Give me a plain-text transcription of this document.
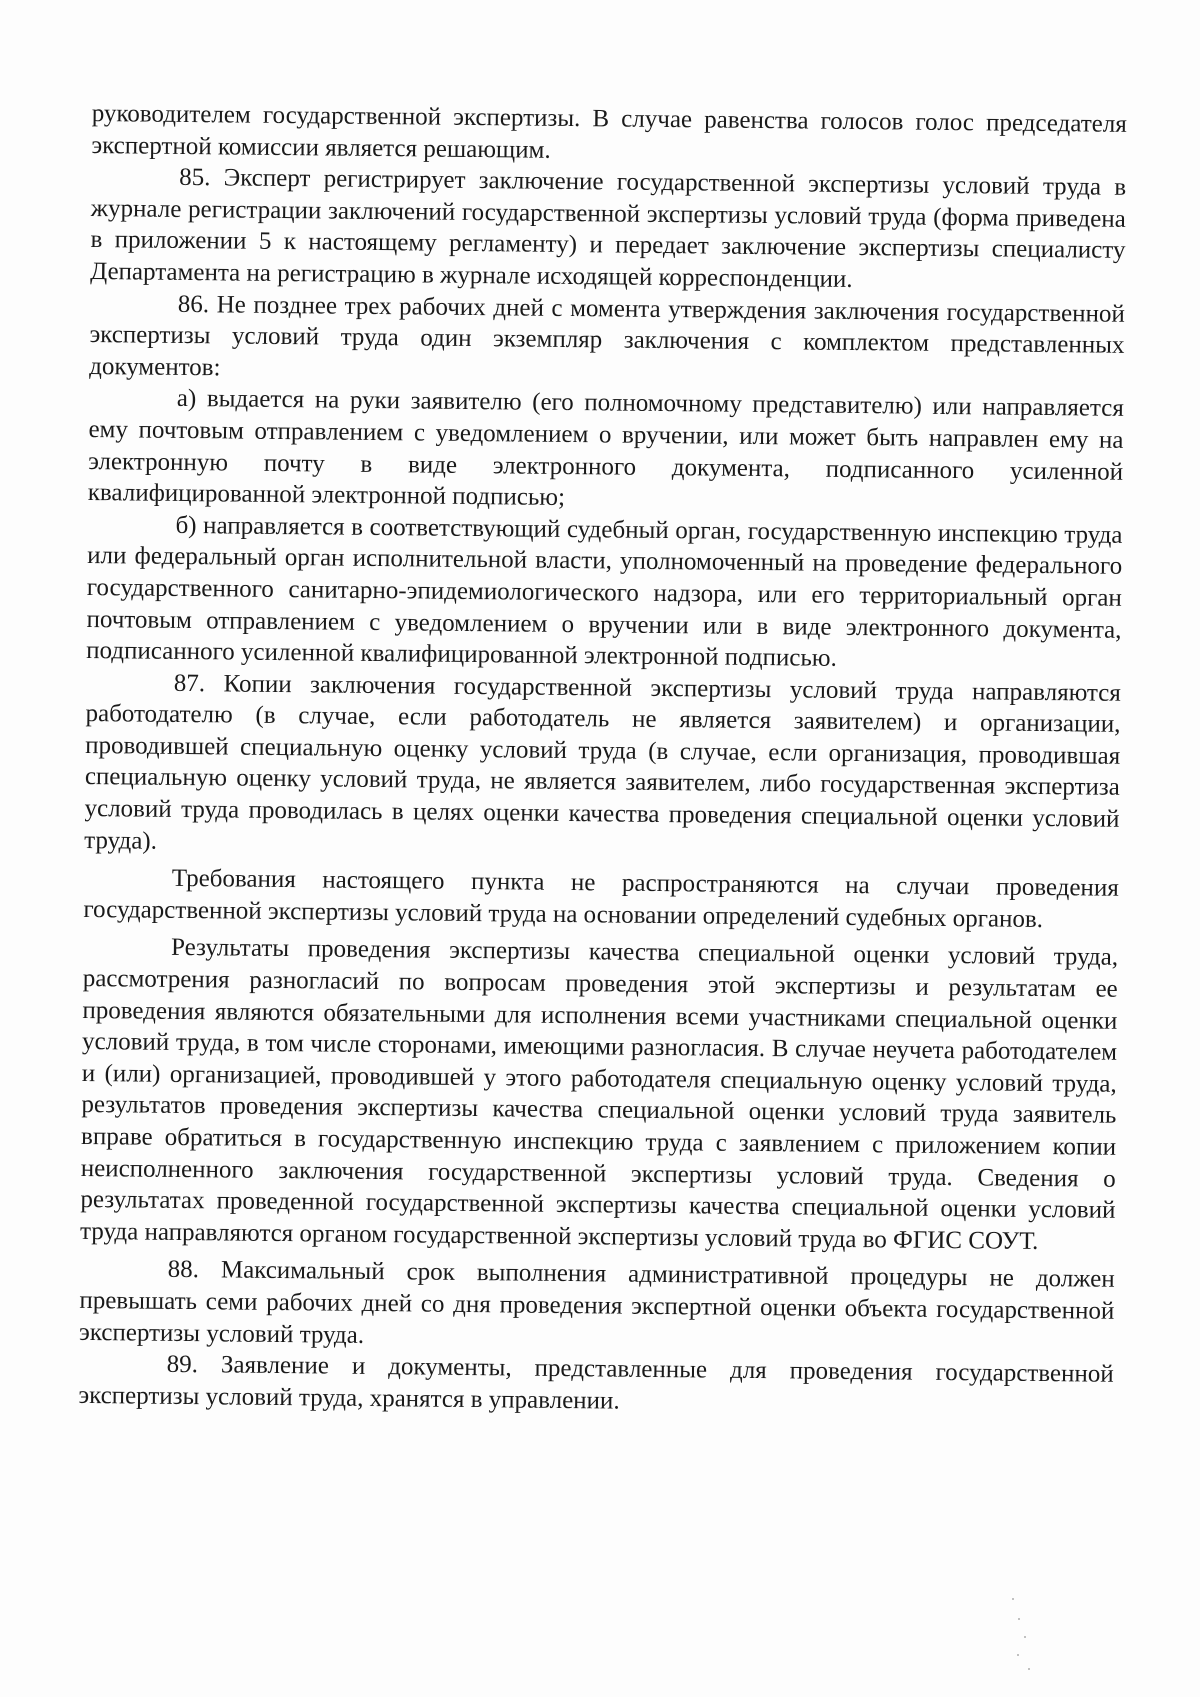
руководителем государственной экспертизы. В случае равенства голосов голос председателя экспертной комиссии является решающим.

85. Эксперт регистрирует заключение государственной экспертизы условий труда в журнале регистрации заключений государственной экспертизы условий труда (форма приведена в приложении 5 к настоящему регламенту) и передает заключение экспертизы специалисту Департамента на регистрацию в журнале исходящей корреспонденции.

86. Не позднее трех рабочих дней с момента утверждения заключения государственной экспертизы условий труда один экземпляр заключения с комплектом представленных документов:

а) выдается на руки заявителю (его полномочному представителю) или направляется ему почтовым отправлением с уведомлением о вручении, или может быть направлен ему на электронную почту в виде электронного документа, подписанного усиленной квалифицированной электронной подписью;

б) направляется в соответствующий судебный орган, государственную инспекцию труда или федеральный орган исполнительной власти, уполномоченный на проведение федерального государственного санитарно-эпидемиологического надзора, или его территориальный орган почтовым отправлением с уведомлением о вручении или в виде электронного документа, подписанного усиленной квалифицированной электронной подписью.

87. Копии заключения государственной экспертизы условий труда направляются работодателю (в случае, если работодатель не является заявителем) и организации, проводившей специальную оценку условий труда (в случае, если организация, проводившая специальную оценку условий труда, не является заявителем, либо государственная экспертиза условий труда проводилась в целях оценки качества проведения специальной оценки условий труда).

Требования настоящего пункта не распространяются на случаи проведения государственной экспертизы условий труда на основании определений судебных органов.

Результаты проведения экспертизы качества специальной оценки условий труда, рассмотрения разногласий по вопросам проведения этой экспертизы и результатам ее проведения являются обязательными для исполнения всеми участниками специальной оценки условий труда, в том числе сторонами, имеющими разногласия. В случае неучета работодателем и (или) организацией, проводившей у этого работодателя специальную оценку условий труда, результатов проведения экспертизы качества специальной оценки условий труда заявитель вправе обратиться в государственную инспекцию труда с заявлением с приложением копии неисполненного заключения государственной экспертизы условий труда. Сведения о результатах проведенной государственной экспертизы качества специальной оценки условий труда направляются органом государственной экспертизы условий труда во ФГИС СОУТ.

88. Максимальный срок выполнения административной процедуры не должен превышать семи рабочих дней со дня проведения экспертной оценки объекта государственной экспертизы условий труда.

89. Заявление и документы, представленные для проведения государственной экспертизы условий труда, хранятся в управлении.
